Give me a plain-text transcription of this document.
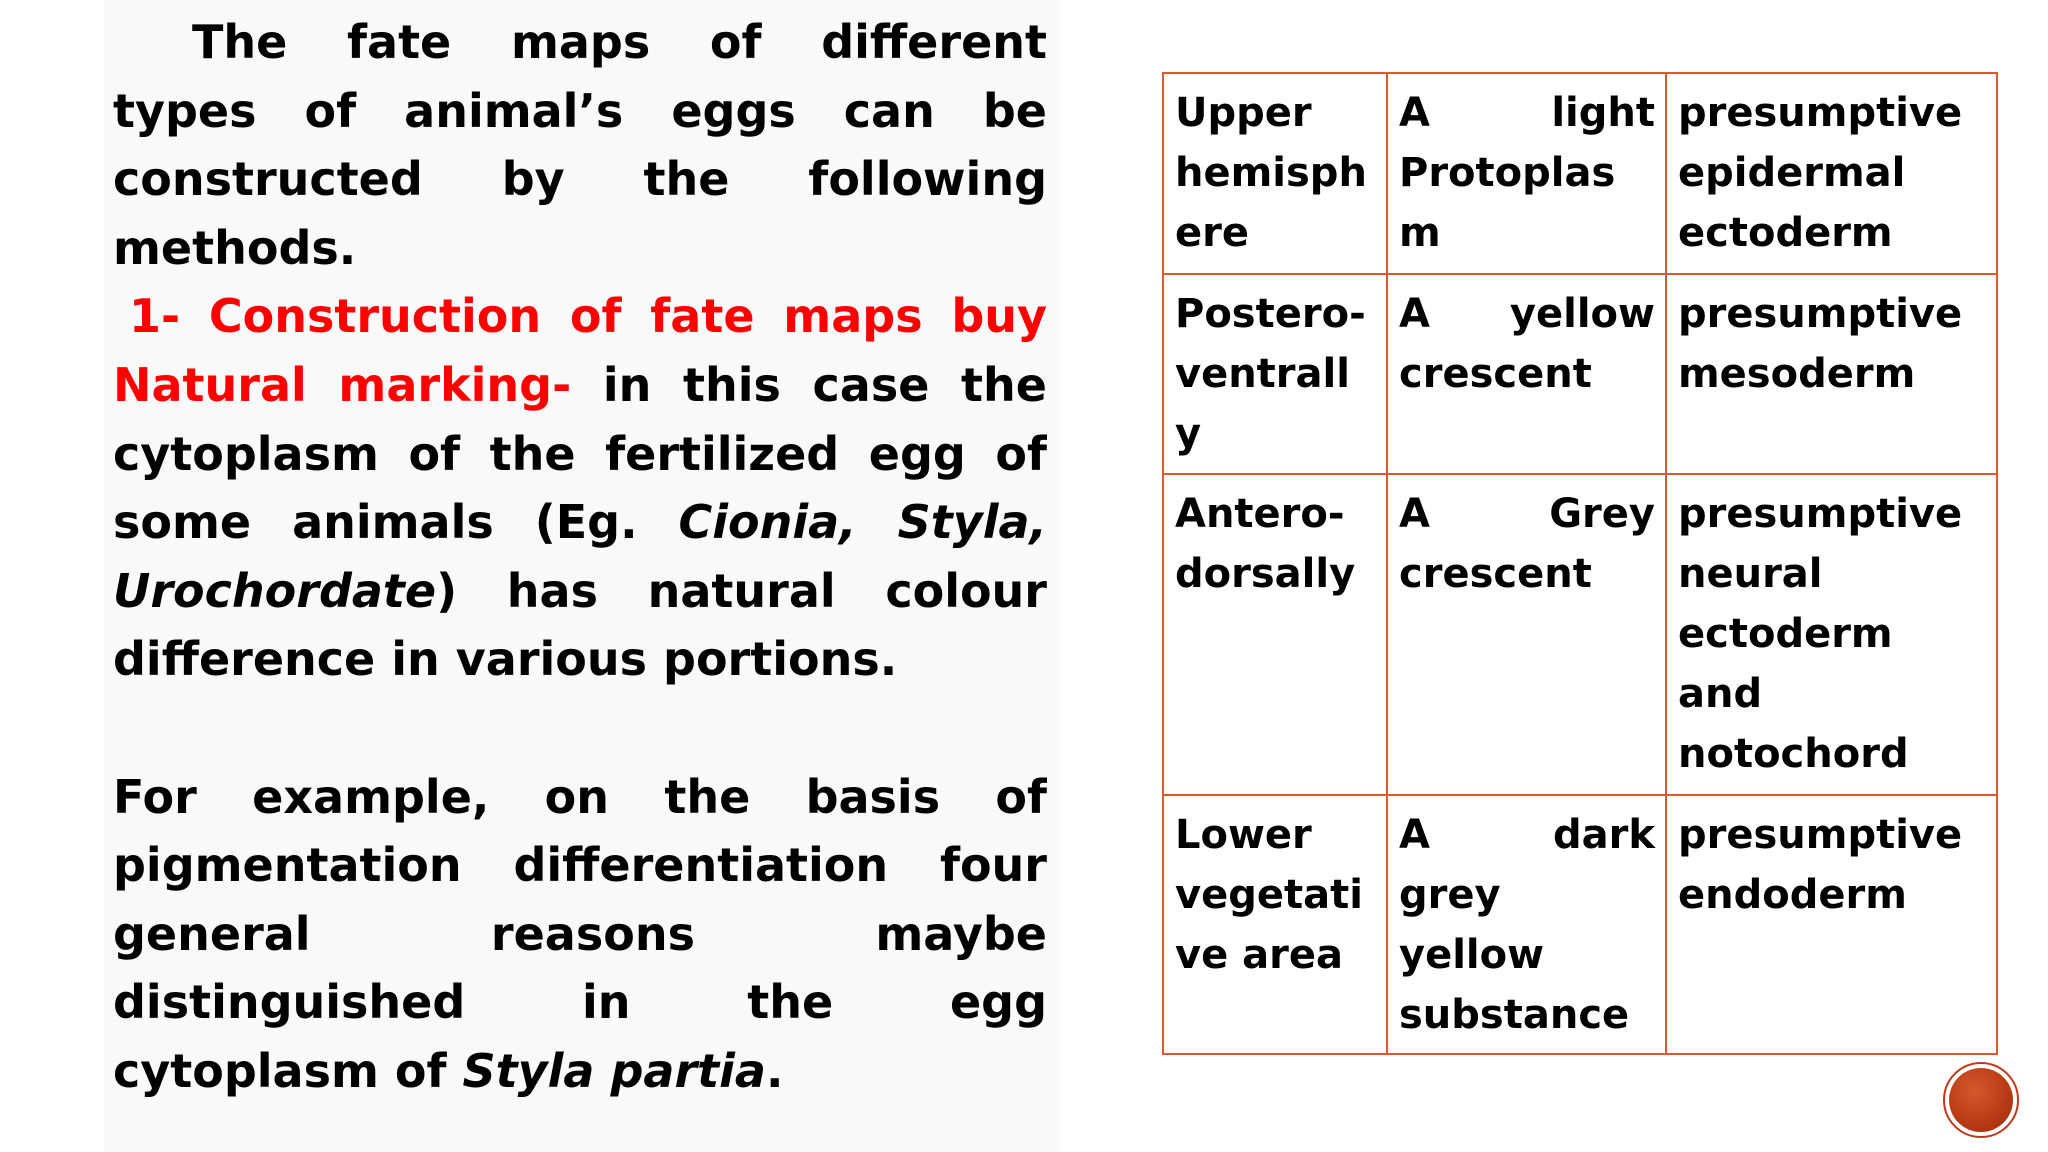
The fate maps of different
types of animal’s eggs can be
constructed by the following
methods.
1- Construction of fate maps buy
Natural marking- in this case the
cytoplasm of the fertilized egg of
some animals (Eg. Cionia, Styla,
Urochordate) has natural colour
difference in various portions.
For example, on the basis of
pigmentation differentiation four
general reasons maybe
distinguished in the egg
cytoplasm of Styla partia.
Upper
hemisph
ere
A light
Protoplas
m
presumptive
epidermal
ectoderm
Postero-
ventrall
y
A yellow
crescent
presumptive
mesoderm
Antero-
dorsally
A Grey
crescent
presumptive
neural
ectoderm
and
notochord
Lower
vegetati
ve area
A dark
grey
yellow
substance
presumptive
endoderm
